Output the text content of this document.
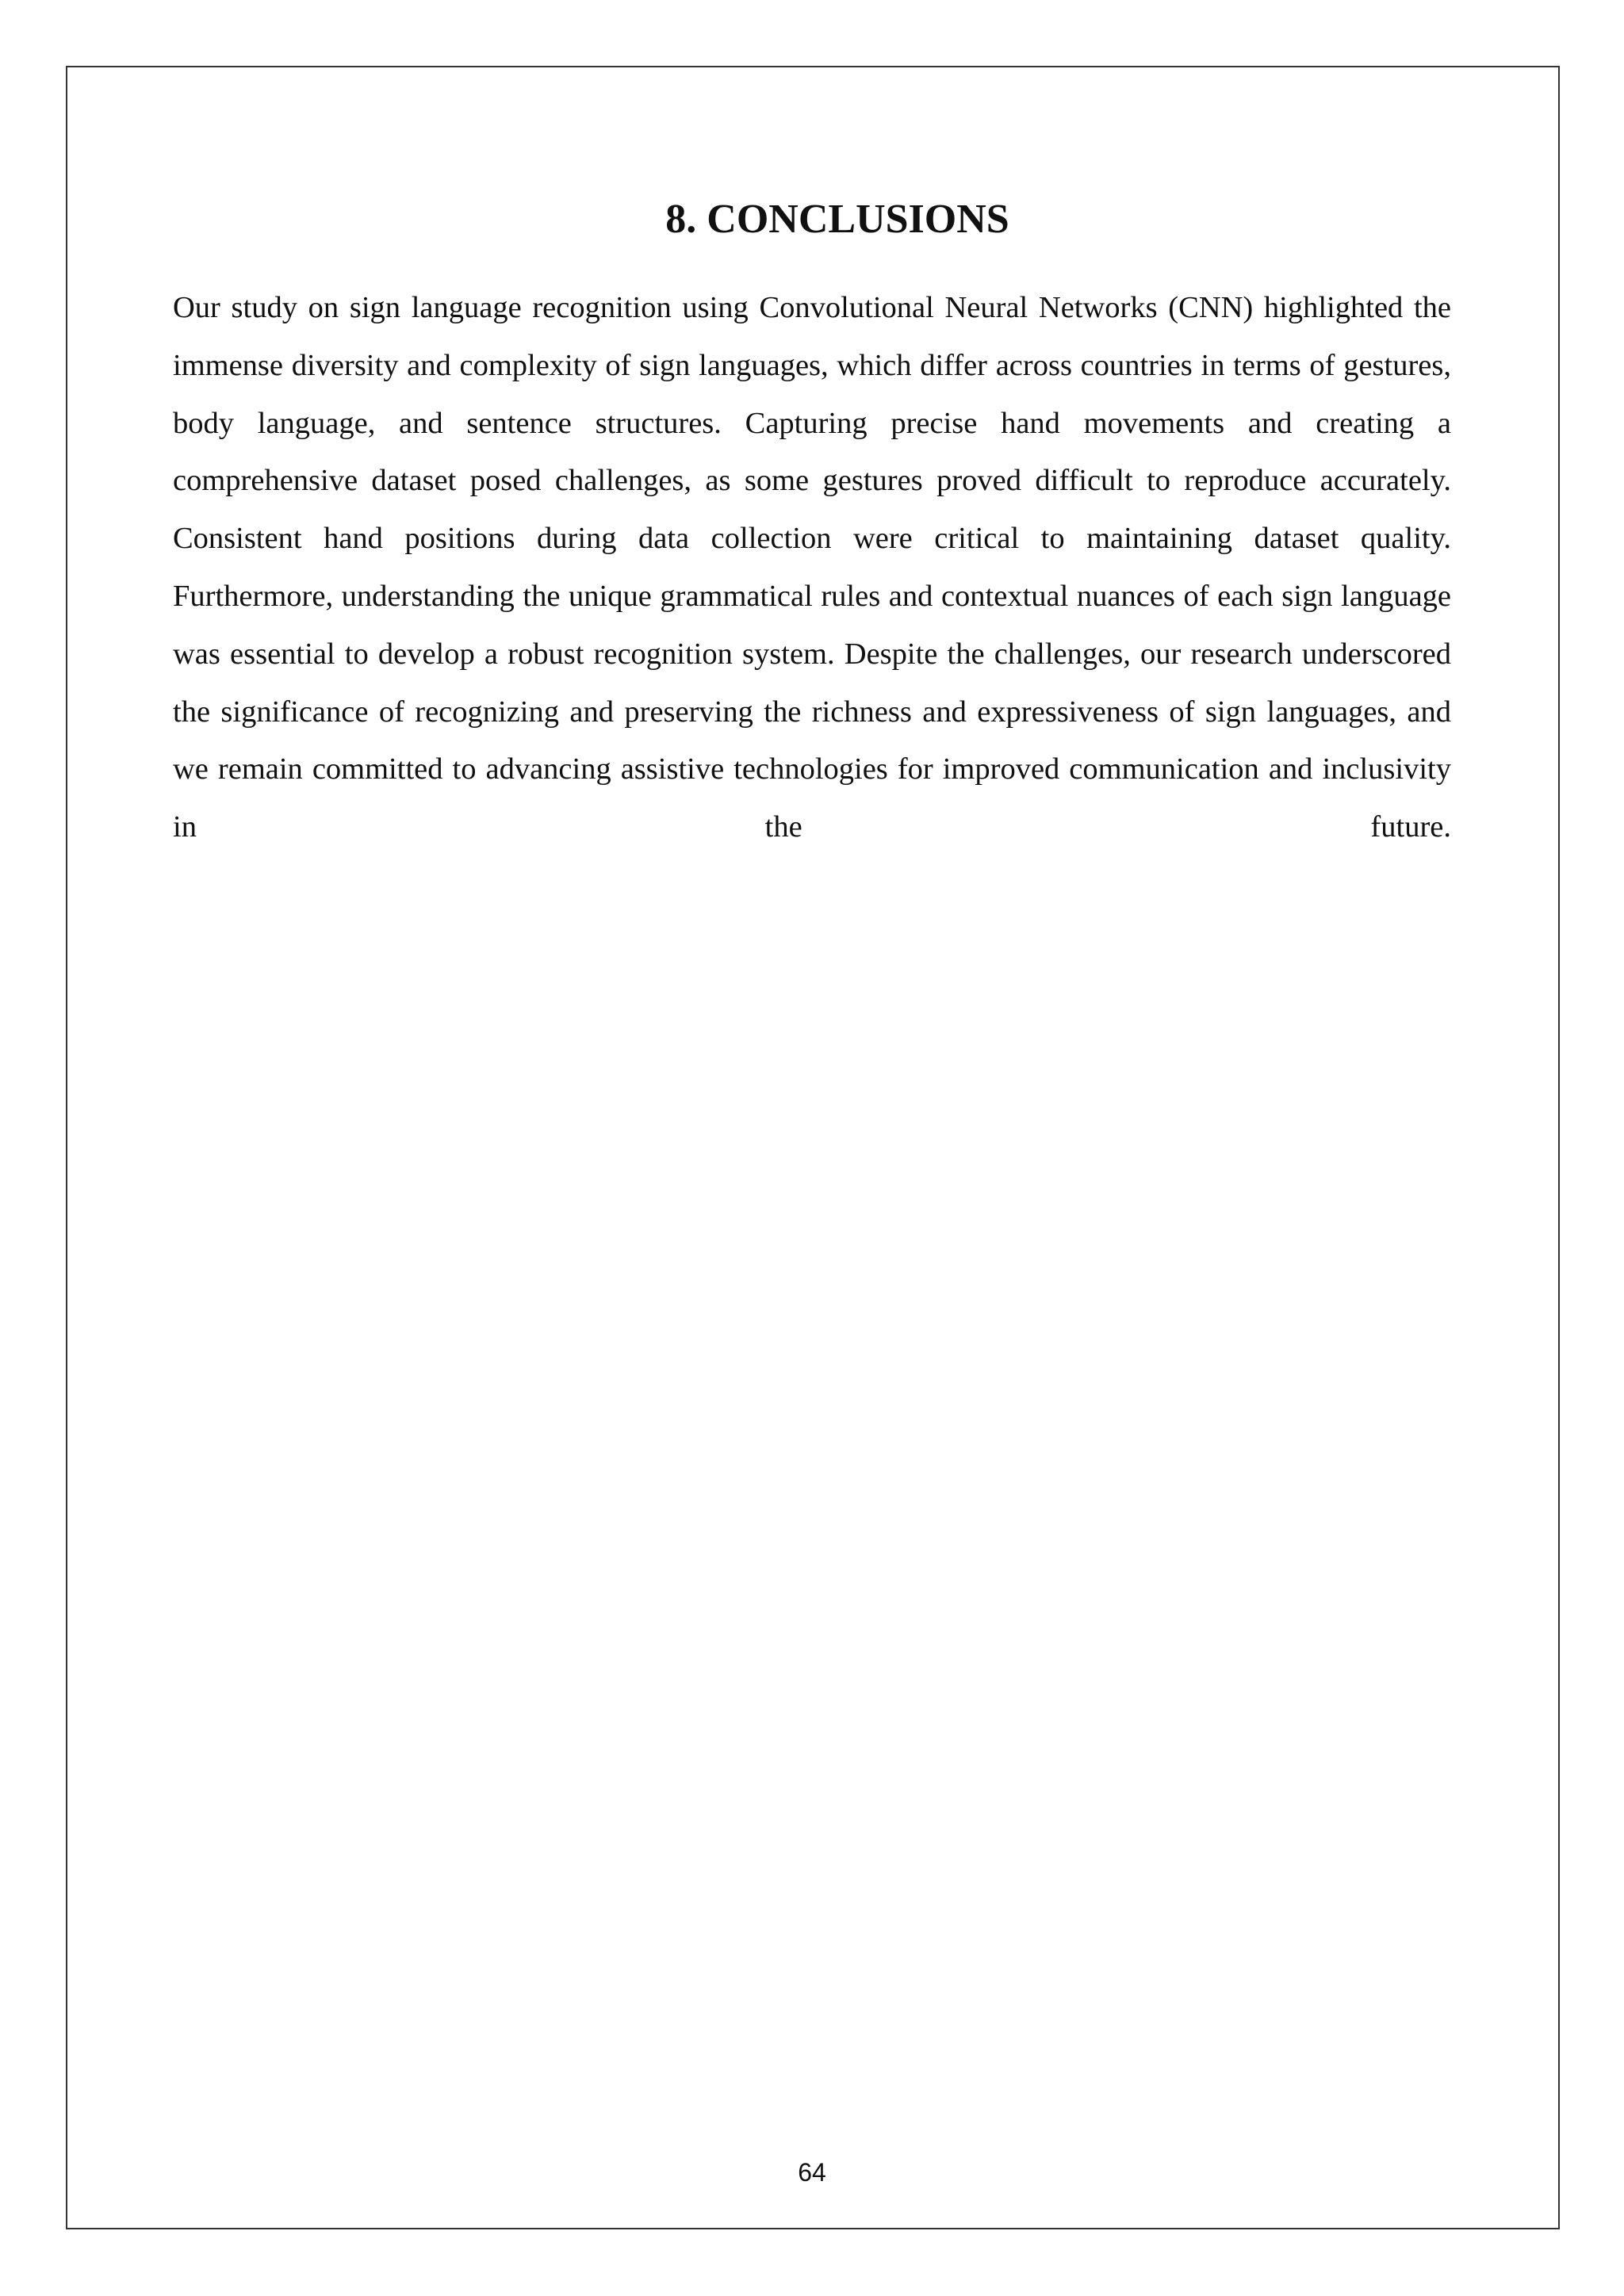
8. CONCLUSIONS

Our study on sign language recognition using Convolutional Neural Networks (CNN) highlighted the immense diversity and complexity of sign languages, which differ across countries in terms of gestures, body language, and sentence structures. Capturing precise hand movements and creating a comprehensive dataset posed challenges, as some gestures proved difficult to reproduce accurately. Consistent hand positions during data collection were critical to maintaining dataset quality. Furthermore, understanding the unique grammatical rules and contextual nuances of each sign language was essential to develop a robust recognition system. Despite the challenges, our research underscored the significance of recognizing and preserving the richness and expressiveness of sign languages, and we remain committed to advancing assistive technologies for improved communication and inclusivity in the future.

64
